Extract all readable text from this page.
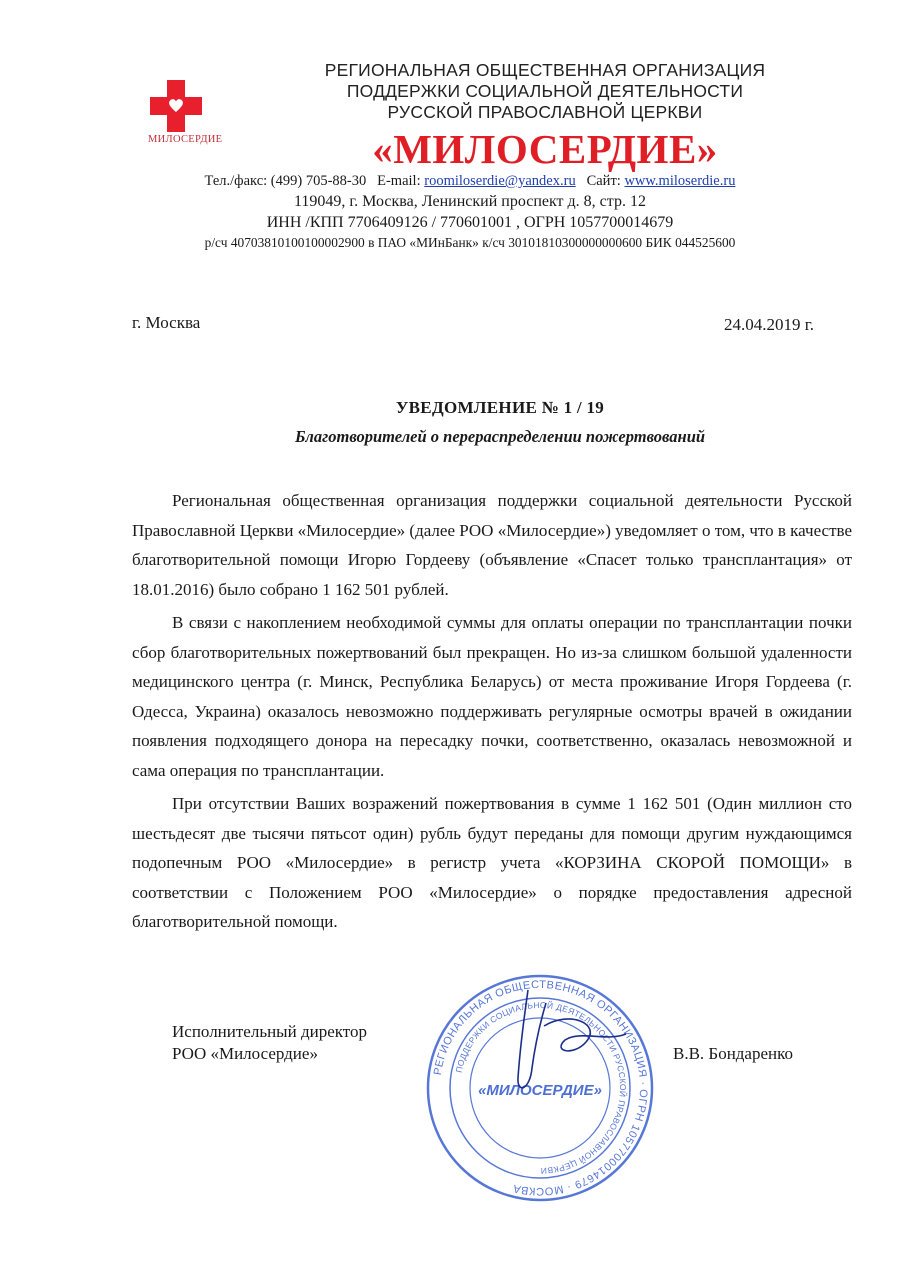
МИЛОСЕРДИЕ
РЕГИОНАЛЬНАЯ ОБЩЕСТВЕННАЯ ОРГАНИЗАЦИЯ
ПОДДЕРЖКИ СОЦИАЛЬНОЙ ДЕЯТЕЛЬНОСТИ
РУССКОЙ ПРАВОСЛАВНОЙ ЦЕРКВИ
«МИЛОСЕРДИЕ»
Тел./факс: (499) 705-88-30 E-mail: roomiloserdie@yandex.ru Сайт: www.miloserdie.ru
119049, г. Москва, Ленинский проспект д. 8, стр. 12
ИНН /КПП 7706409126 / 770601001 , ОГРН 1057700014679
р/сч 40703810100100002900 в ПАО «МИнБанк» к/сч 30101810300000000600 БИК 044525600
г. Москва	24.04.2019 г.
УВЕДОМЛЕНИЕ № 1 / 19
Благотворителей о перераспределении пожертвований

Региональная общественная организация поддержки социальной деятельности Русской Православной Церкви «Милосердие» (далее РОО «Милосердие») уведомляет о том, что в качестве благотворительной помощи Игорю Гордееву (объявление «Спасет только трансплантация» от 18.01.2016) было собрано 1 162 501 рублей.

В связи с накоплением необходимой суммы для оплаты операции по трансплантации почки сбор благотворительных пожертвований был прекращен. Но из-за слишком большой удаленности медицинского центра (г. Минск, Республика Беларусь) от места проживание Игоря Гордеева (г. Одесса, Украина) оказалось невозможно поддерживать регулярные осмотры врачей в ожидании появления подходящего донора на пересадку почки, соответственно, оказалась невозможной и сама операция по трансплантации.

При отсутствии Ваших возражений пожертвования в сумме 1 162 501 (Один миллион сто шестьдесят две тысячи пятьсот один) рубль будут переданы для помощи другим нуждающимся подопечным РОО «Милосердие» в регистр учета «КОРЗИНА СКОРОЙ ПОМОЩИ» в соответствии с Положением РОО «Милосердие» о порядке предоставления адресной благотворительной помощи.

РЕГИОНАЛЬНАЯ ОБЩЕСТВЕННАЯ ОРГАНИЗАЦИЯ · ОГРН 1057700014679 · МОСКВА
ПОДДЕРЖКИ СОЦИАЛЬНОЙ ДЕЯТЕЛЬНОСТИ РУССКОЙ ПРАВОСЛАВНОЙ ЦЕРКВИ
«МИЛОСЕРДИЕ»
Исполнительный директор
РОО «Милосердие»	В.В. Бондаренко
